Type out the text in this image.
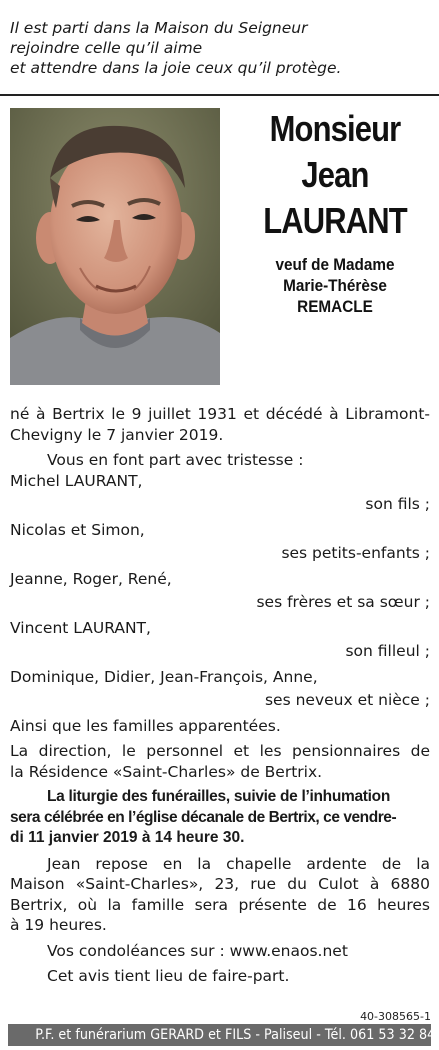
Il est parti dans la Maison du Seigneur
rejoindre celle qu’il aime
et attendre dans la joie ceux qu’il protège.
Monsieur
Jean
LAURANT
veuf de Madame
Marie-Thérèse
REMACLE
né à Bertrix le 9 juillet 1931 et décédé à Libramont-
Chevigny le 7 janvier 2019.
Vous en font part avec tristesse :
Michel LAURANT,
son fils ;
Nicolas et Simon,
ses petits-enfants ;
Jeanne, Roger, René,
ses frères et sa sœur ;
Vincent LAURANT,
son filleul ;
Dominique, Didier, Jean-François, Anne,
ses neveux et nièce ;
Ainsi que les familles apparentées.
La direction, le personnel et les pensionnaires de
la Résidence «Saint-Charles» de Bertrix.
La liturgie des funérailles, suivie de l’inhumation
sera célébrée en l’église décanale de Bertrix, ce vendre-
di 11 janvier 2019 à 14 heure 30.
Jean repose en la chapelle ardente de la
Maison «Saint-Charles», 23, rue du Culot à 6880
Bertrix, où la famille sera présente de 16 heures
à 19 heures.
Vos condoléances sur : www.enaos.net
Cet avis tient lieu de faire-part.
40-308565-1
P.F. et funérarium GERARD et FILS - Paliseul - Tél. 061 53 32 84
